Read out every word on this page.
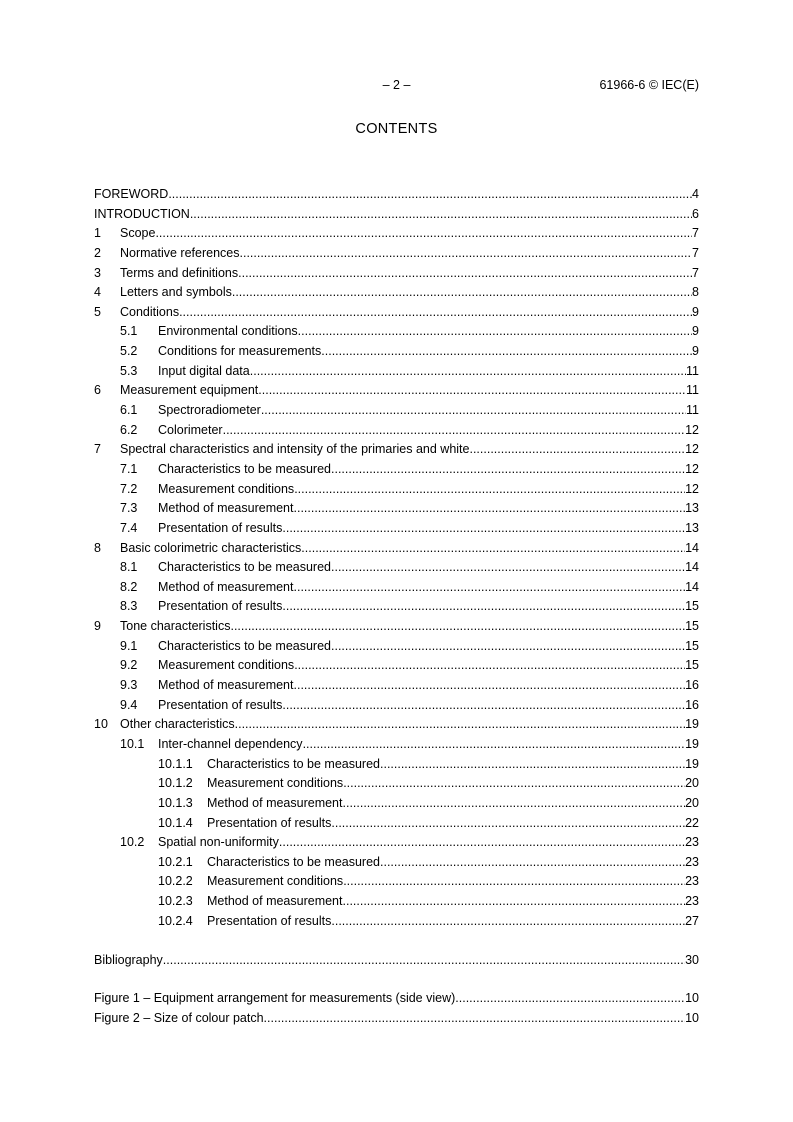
– 2 –	61966-6 © IEC(E)
CONTENTS
FOREWORD .....	4
INTRODUCTION .....	6
1	Scope .....	7
2	Normative references .....	7
3	Terms and definitions .....	7
4	Letters and symbols .....	8
5	Conditions .....	9
5.1	Environmental conditions .....	9
5.2	Conditions for measurements .....	9
5.3	Input digital data .....	11
6	Measurement equipment .....	11
6.1	Spectroradiometer .....	11
6.2	Colorimeter .....	12
7	Spectral characteristics and intensity of the primaries and white .....	12
7.1	Characteristics to be measured .....	12
7.2	Measurement conditions .....	12
7.3	Method of measurement .....	13
7.4	Presentation of results .....	13
8	Basic colorimetric characteristics .....	14
8.1	Characteristics to be measured .....	14
8.2	Method of measurement .....	14
8.3	Presentation of results .....	15
9	Tone characteristics .....	15
9.1	Characteristics to be measured .....	15
9.2	Measurement conditions .....	15
9.3	Method of measurement .....	16
9.4	Presentation of results .....	16
10 Other characteristics .....	19
10.1	Inter-channel dependency .....	19
10.1.1	Characteristics to be measured .....	19
10.1.2	Measurement conditions .....	20
10.1.3	Method of measurement .....	20
10.1.4	Presentation of results .....	22
10.2	Spatial non-uniformity .....	23
10.2.1	Characteristics to be measured .....	23
10.2.2	Measurement conditions .....	23
10.2.3	Method of measurement .....	23
10.2.4	Presentation of results .....	27
Bibliography .....	30
Figure 1 – Equipment arrangement for measurements (side view) .....	10
Figure 2 – Size of colour patch .....	10
